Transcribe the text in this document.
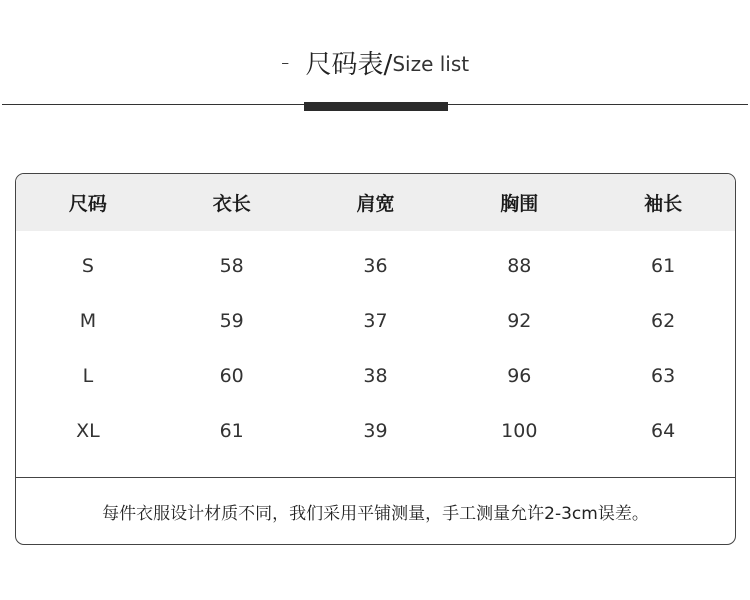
- 尺码表/ Size list
尺码	衣长	肩宽	胸围	袖长
S	58	36	88	61
M	59	37	92	62
L	60	38	96	63
XL	61	39	100	64
每件衣服设计材质不同，我们采用平铺测量，手工测量允许2-3cm误差。
